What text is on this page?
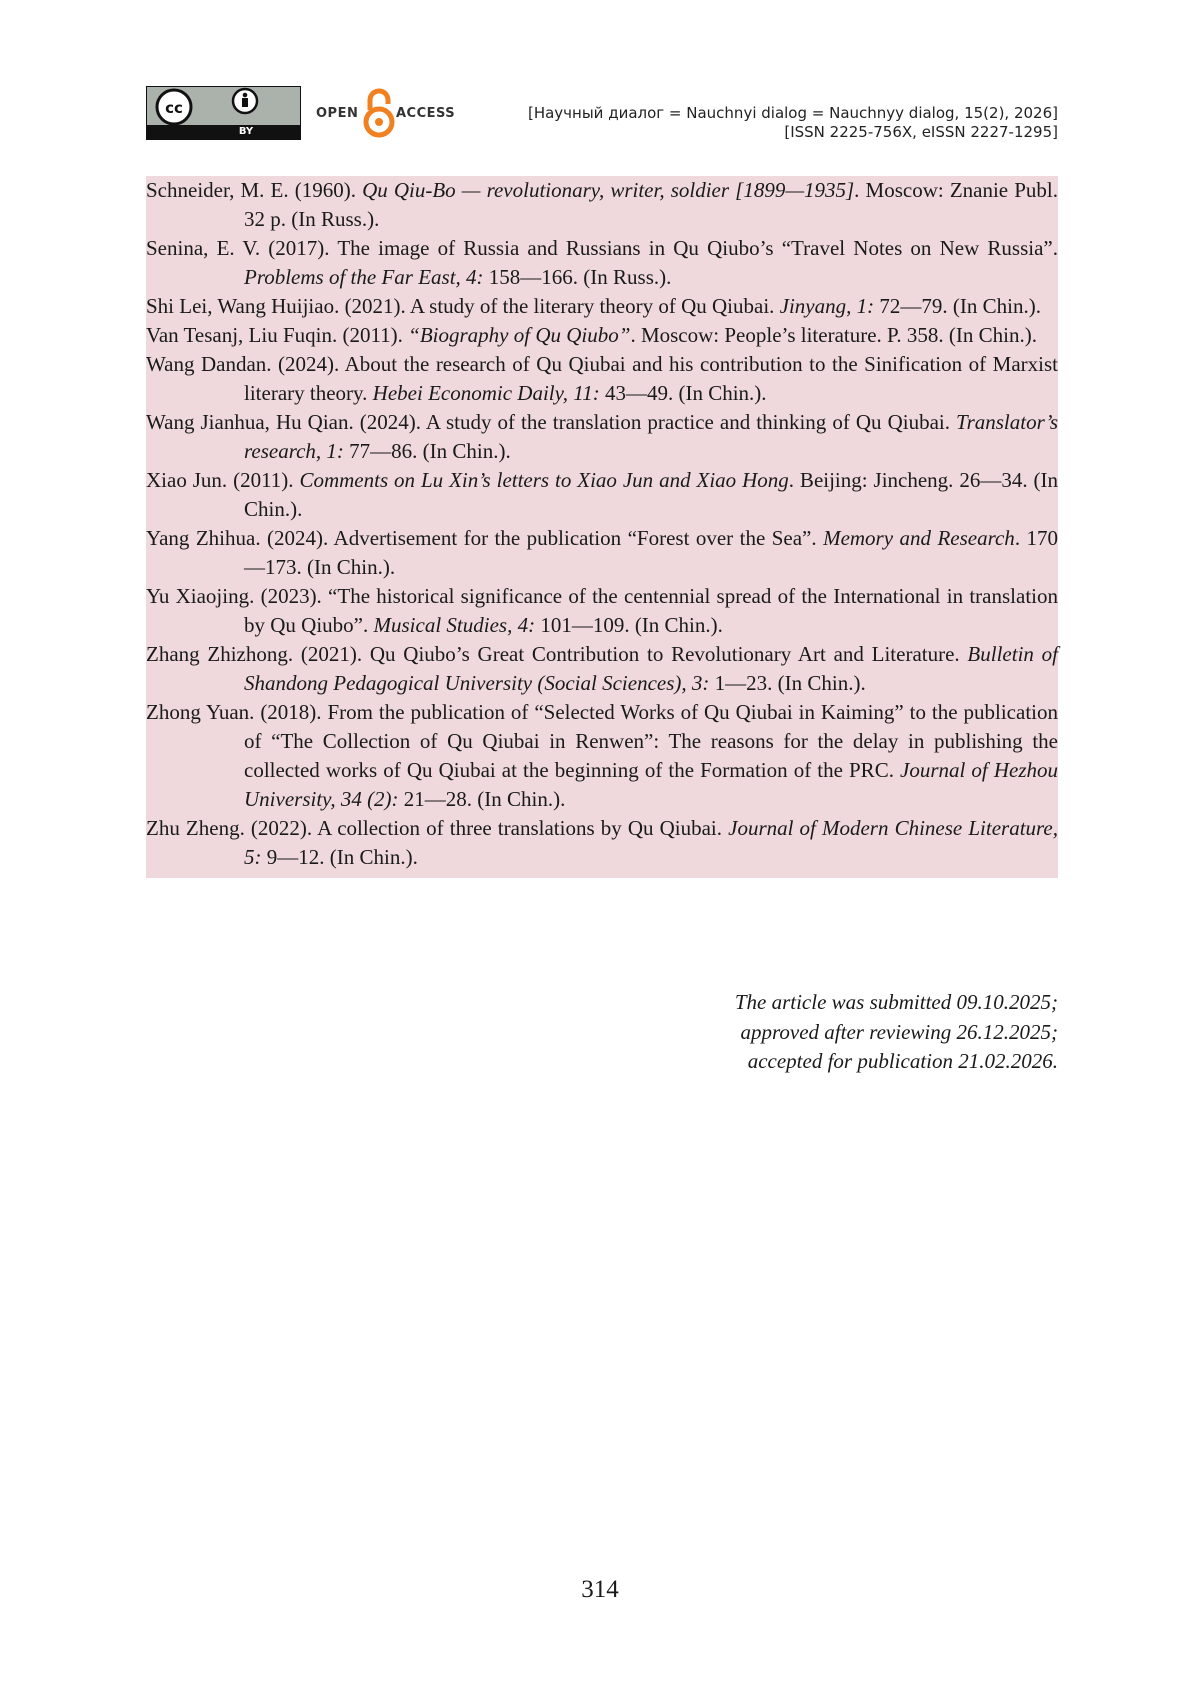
cc
BY
OPEN	ACCESS	[Научный диалог = Nauchnyi dialog = Nauchnyy dialog, 15(2), 2026]
[ISSN 2225-756X, eISSN 2227-1295]

Schneider, M. E. (1960). Qu Qiu-Bo — revolutionary, writer, soldier [1899—1935]. Moscow: Znanie Publ. 32 p. (In Russ.).

Senina, E. V. (2017). The image of Russia and Russians in Qu Qiubo’s “Travel Notes on New Russia”. Problems of the Far East, 4: 158—166. (In Russ.).

Shi Lei, Wang Huijiao. (2021). A study of the literary theory of Qu Qiubai. Jinyang, 1: 72—79. (In Chin.).

Van Tesanj, Liu Fuqin. (2011). “Biography of Qu Qiubo”. Moscow: People’s literature. P. 358. (In Chin.).

Wang Dandan. (2024). About the research of Qu Qiubai and his contribution to the Sinification of Marxist literary theory. Hebei Economic Daily, 11: 43—49. (In Chin.).

Wang Jianhua, Hu Qian. (2024). A study of the translation practice and thinking of Qu Qiubai. Translator’s research, 1: 77—86. (In Chin.).

Xiao Jun. (2011). Comments on Lu Xin’s letters to Xiao Jun and Xiao Hong. Beijing: Jincheng. 26—34. (In Chin.).

Yang Zhihua. (2024). Advertisement for the publication “Forest over the Sea”. Memory and Research. 170—173. (In Chin.).

Yu Xiaojing. (2023). “The historical significance of the centennial spread of the International in translation by Qu Qiubo”. Musical Studies, 4: 101—109. (In Chin.).

Zhang Zhizhong. (2021). Qu Qiubo’s Great Contribution to Revolutionary Art and Literature. Bulletin of Shandong Pedagogical University (Social Sciences), 3: 1—23. (In Chin.).

Zhong Yuan. (2018). From the publication of “Selected Works of Qu Qiubai in Kaiming” to the publication of “The Collection of Qu Qiubai in Renwen”: The reasons for the delay in publishing the collected works of Qu Qiubai at the beginning of the Formation of the PRC. Journal of Hezhou University, 34 (2): 21—28. (In Chin.).

Zhu Zheng. (2022). A collection of three translations by Qu Qiubai. Journal of Modern Chinese Literature, 5: 9—12. (In Chin.).

The article was submitted 09.10.2025;
approved after reviewing 26.12.2025;
accepted for publication 21.02.2026.
314
